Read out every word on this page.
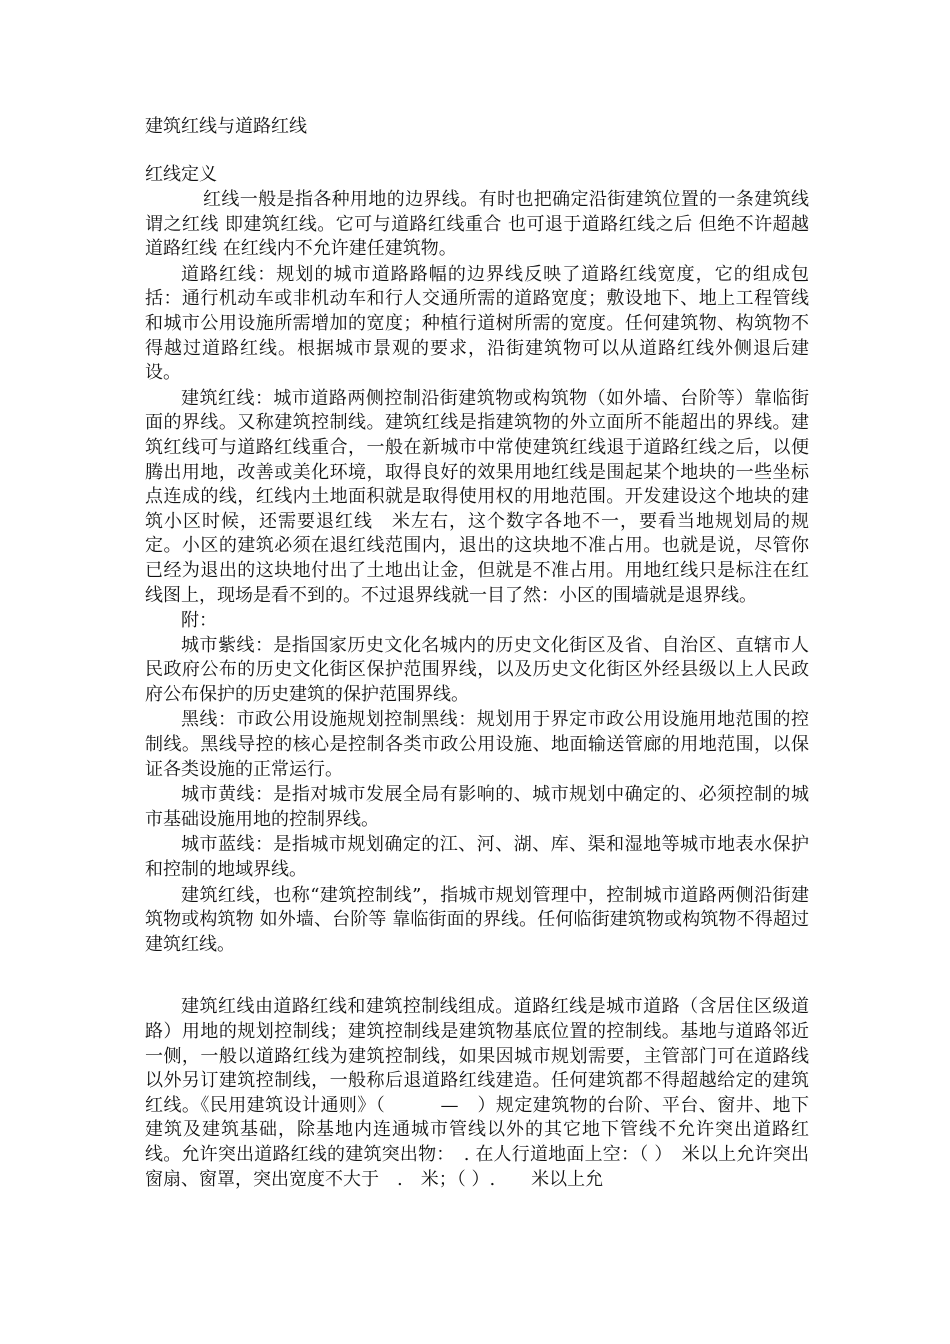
建筑红线与道路红线

红线定义

红线一般是指各种用地的边界线。有时也把确定沿街建筑位置的一条建筑线谓之红线 即建筑红线。它可与道路红线重合 也可退于道路红线之后 但绝不许超越道路红线 在红线内不允许建任建筑物。

道路红线：规划的城市道路路幅的边界线反映了道路红线宽度，它的组成包括：通行机动车或非机动车和行人交通所需的道路宽度；敷设地下、地上工程管线和城市公用设施所需增加的宽度；种植行道树所需的宽度。任何建筑物、构筑物不得越过道路红线。根据城市景观的要求，沿街建筑物可以从道路红线外侧退后建设。

建筑红线：城市道路两侧控制沿街建筑物或构筑物（如外墙、台阶等）靠临街面的界线。又称建筑控制线。建筑红线是指建筑物的外立面所不能超出的界线。建筑红线可与道路红线重合，一般在新城市中常使建筑红线退于道路红线之后，以便腾出用地，改善或美化环境，取得良好的效果用地红线是围起某个地块的一些坐标点连成的线，红线内土地面积就是取得使用权的用地范围。开发建设这个地块的建筑小区时候，还需要退红线　米左右，这个数字各地不一，要看当地规划局的规定。小区的建筑必须在退红线范围内，退出的这块地不准占用。也就是说，尽管你已经为退出的这块地付出了土地出让金，但就是不准占用。用地红线只是标注在红线图上，现场是看不到的。不过退界线就一目了然：小区的围墙就是退界线。

附：

城市紫线：是指国家历史文化名城内的历史文化街区及省、自治区、直辖市人民政府公布的历史文化街区保护范围界线，以及历史文化街区外经县级以上人民政府公布保护的历史建筑的保护范围界线。

黑线：市政公用设施规划控制黑线：规划用于界定市政公用设施用地范围的控制线。黑线导控的核心是控制各类市政公用设施、地面输送管廊的用地范围，以保证各类设施的正常运行。

城市黄线：是指对城市发展全局有影响的、城市规划中确定的、必须控制的城市基础设施用地的控制界线。

城市蓝线：是指城市规划确定的江、河、湖、库、渠和湿地等城市地表水保护和控制的地域界线。

建筑红线，也称“建筑控制线”，指城市规划管理中，控制城市道路两侧沿街建筑物或构筑物 如外墙、台阶等 靠临街面的界线。任何临街建筑物或构筑物不得超过建筑红线。

建筑红线由道路红线和建筑控制线组成。道路红线是城市道路（含居住区级道路）用地的规划控制线；建筑控制线是建筑物基底位置的控制线。基地与道路邻近一侧，一般以道路红线为建筑控制线，如果因城市规划需要，主管部门可在道路线以外另订建筑控制线，一般称后退道路红线建造。任何建筑都不得超越给定的建筑红线。《民用建筑设计通则》（　　　—　）规定建筑物的台阶、平台、窗井、地下建筑及建筑基础，除基地内连通城市管线以外的其它地下管线不允许突出道路红线。允许突出道路红线的建筑突出物：　. 在人行道地面上空：（ ）　米以上允许突出窗扇、窗罩，突出宽度不大于　.　米；（ ）.　　米以上允
